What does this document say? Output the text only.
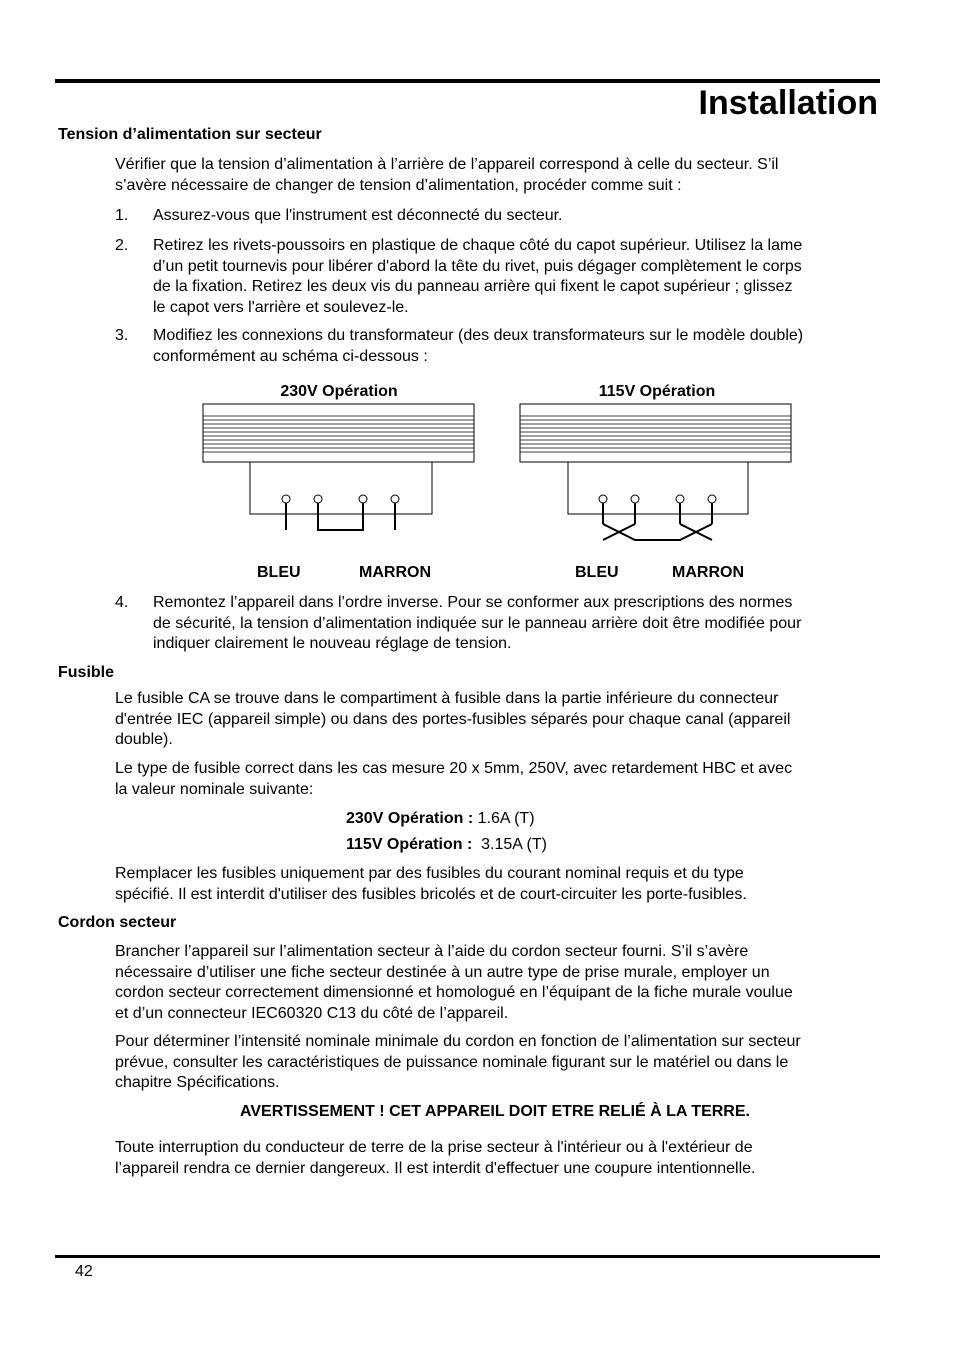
Installation
Tension d’alimentation sur secteur

Vérifier que la tension d’alimentation à l’arrière de l’appareil correspond à celle du secteur. S’il
s’avère nécessaire de changer de tension d’alimentation, procéder comme suit :

1. Assurez-vous que l'instrument est déconnecté du secteur.

2. Retirez les rivets-poussoirs en plastique de chaque côté du capot supérieur. Utilisez la lame
d’un petit tournevis pour libérer d'abord la tête du rivet, puis dégager complètement le corps
de la fixation. Retirez les deux vis du panneau arrière qui fixent le capot supérieur ; glissez
le capot vers l'arrière et soulevez-le.

3. Modifiez les connexions du transformateur (des deux transformateurs sur le modèle double)
conformément au schéma ci-dessous :

230V Opération
BLEU	MARRON
115V Opération
BLEU	MARRON
4. Remontez l’appareil dans l’ordre inverse. Pour se conformer aux prescriptions des normes
de sécurité, la tension d’alimentation indiquée sur le panneau arrière doit être modifiée pour
indiquer clairement le nouveau réglage de tension.

Fusible

Le fusible CA se trouve dans le compartiment à fusible dans la partie inférieure du connecteur
d'entrée IEC (appareil simple) ou dans des portes-fusibles séparés pour chaque canal (appareil
double).

Le type de fusible correct dans les cas mesure 20 x 5mm, 250V, avec retardement HBC et avec
la valeur nominale suivante:

230V Opération : 1.6A (T)
115V Opération : 3.15A (T)

Remplacer les fusibles uniquement par des fusibles du courant nominal requis et du type
spécifié. Il est interdit d'utiliser des fusibles bricolés et de court-circuiter les porte-fusibles.

Cordon secteur

Brancher l’appareil sur l’alimentation secteur à l’aide du cordon secteur fourni. S’il s’avère
nécessaire d’utiliser une fiche secteur destinée à un autre type de prise murale, employer un
cordon secteur correctement dimensionné et homologué en l’équipant de la fiche murale voulue
et d’un connecteur IEC60320 C13 du côté de l’appareil.

Pour déterminer l’intensité nominale minimale du cordon en fonction de l’alimentation sur secteur
prévue, consulter les caractéristiques de puissance nominale figurant sur le matériel ou dans le
chapitre Spécifications.

AVERTISSEMENT ! CET APPAREIL DOIT ETRE RELIÉ À LA TERRE.

Toute interruption du conducteur de terre de la prise secteur à l'intérieur ou à l'extérieur de
l’appareil rendra ce dernier dangereux. Il est interdit d'effectuer une coupure intentionnelle.

42
